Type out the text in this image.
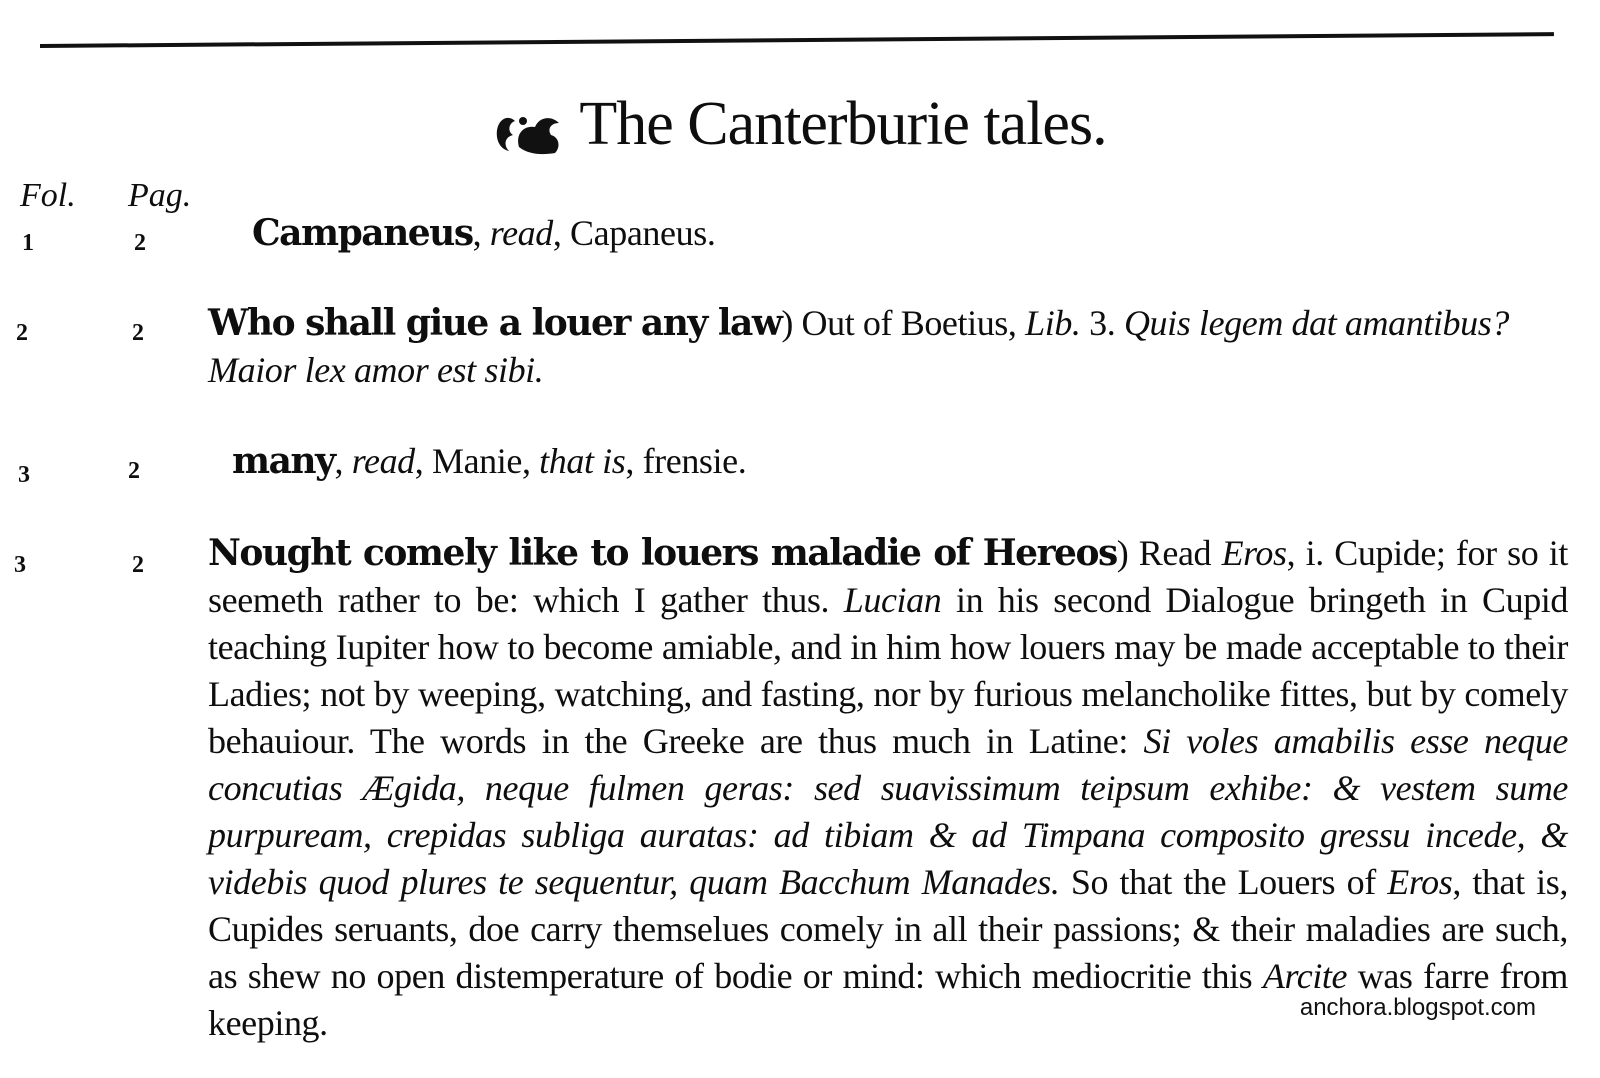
The Canterburie tales.
Fol. Pag.
1	2	Campaneus, read, Capaneus.
2	2 Who shall giue a louer any law) Out of Boetius, Lib. 3. Quis legem dat amantibus? Maior lex amor est sibi.
3	2	many, read, Manie, that is, frensie.
3	2 Nought comely like to louers maladie of Hereos) Read Eros, i. Cupide; for so it seemeth rather to be: which I gather thus. Lucian in his second Dialogue bringeth in Cupid teaching Iupiter how to become amiable, and in him how louers may be made acceptable to their Ladies; not by weeping, watching, and fasting, nor by furious melancholike fittes, but by comely behauiour. The words in the Greeke are thus much in Latine: Si voles amabilis esse neque concutias Ægida, neque fulmen geras: sed suavissimum teipsum exhibe: & vestem sume purpuream, crepidas subliga auratas: ad tibiam & ad Timpana composito gressu incede, & videbis quod plures te sequentur, quam Bacchum Manades. So that the Louers of Eros, that is, Cupides seruants, doe carry themselues comely in all their passions; & their maladies are such, as shew no open distemperature of bodie or mind: which mediocritie this Arcite was farre from keeping.	anchora.blogspot.com
